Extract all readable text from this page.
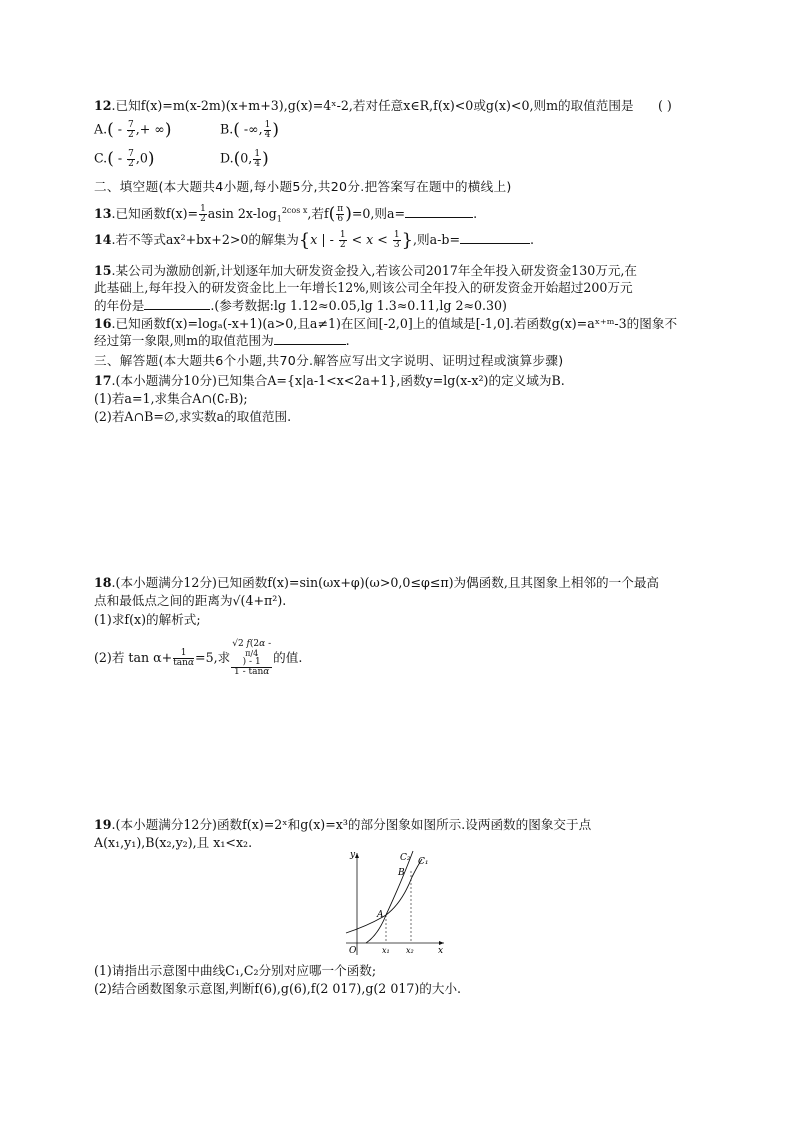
12.已知f(x)=m(x-2m)(x+m+3),g(x)=4ˣ-2,若对任意x∈R,f(x)<0或g(x)<0,则m的取值范围是 ( )
$A.( - \frac{7}{2}$ ,+ ∞)	B.( -∞, $\frac{1}{4}$ )
$C.( - \frac{7}{2} ,0)$	D.(0, $\frac{1}{4}$ )
二、填空题(本大题共4小题,每小题5分,共20分.把答案写在题中的横线上)
13.已知函数$f(x)= \frac{1}{2}$ asin $2x-\log_1^{2cos x}$,若$f( \frac{\pi}{6} )=0$,则a=	.
14.若不等式ax²+bx+2>0的解集为{x | - $\frac{1}{2} < x < \frac{1}{3}$ },则a-b=	.
15.某公司为激励创新,计划逐年加大研发资金投入,若该公司2017年全年投入研发资金130万元,在
此基础上,每年投入的研发资金比上一年增长12%,则该公司全年投入的研发资金开始超过200万元
的年份是	.(参考数据:lg 1.12≈0.05,lg 1.3≈0.11,lg 2≈0.30)
16.已知函数f(x)=logₐ(-x+1)(a>0,且a≠1)在区间[-2,0]上的值域是[-1,0].若函数g(x)=aˣ⁺ᵐ-3的图象不
经过第一象限,则m的取值范围为	.
三、解答题(本大题共6个小题,共70分.解答应写出文字说明、证明过程或演算步骤)
17.(本小题满分10分)已知集合A={x|a-1<x<2a+1},函数y=lg(x-x²)的定义域为B.
(1)若a=1,求集合A∩(∁ᵣB);
(2)若A∩B=∅,求实数a的取值范围.
18.(本小题满分12分)已知函数f(x)=sin(ωx+φ)(ω>0,0≤φ≤π)为偶函数,且其图象上相邻的一个最高
点和最低点之间的距离为√(4+π²).
(1)求f(x)的解析式;
(2)若 $\tan \alpha+ \frac{1}{\tan\alpha} =5$,求 √2 f(2α -
π/4
) - 1
1 - tanα 的值.
19.(本小题满分12分)函数f(x)=2ˣ和g(x)=x³的部分图象如图所示.设两函数的图象交于点
A(x₁,y₁),B(x₂,y₂),且 x₁<x₂.
y
x
O
A
B
C₂ C₁
x₁ x₂
(1)请指出示意图中曲线C₁,C₂分别对应哪一个函数;
(2)结合函数图象示意图,判断f(6),g(6),f(2 017),g(2 017)的大小.
